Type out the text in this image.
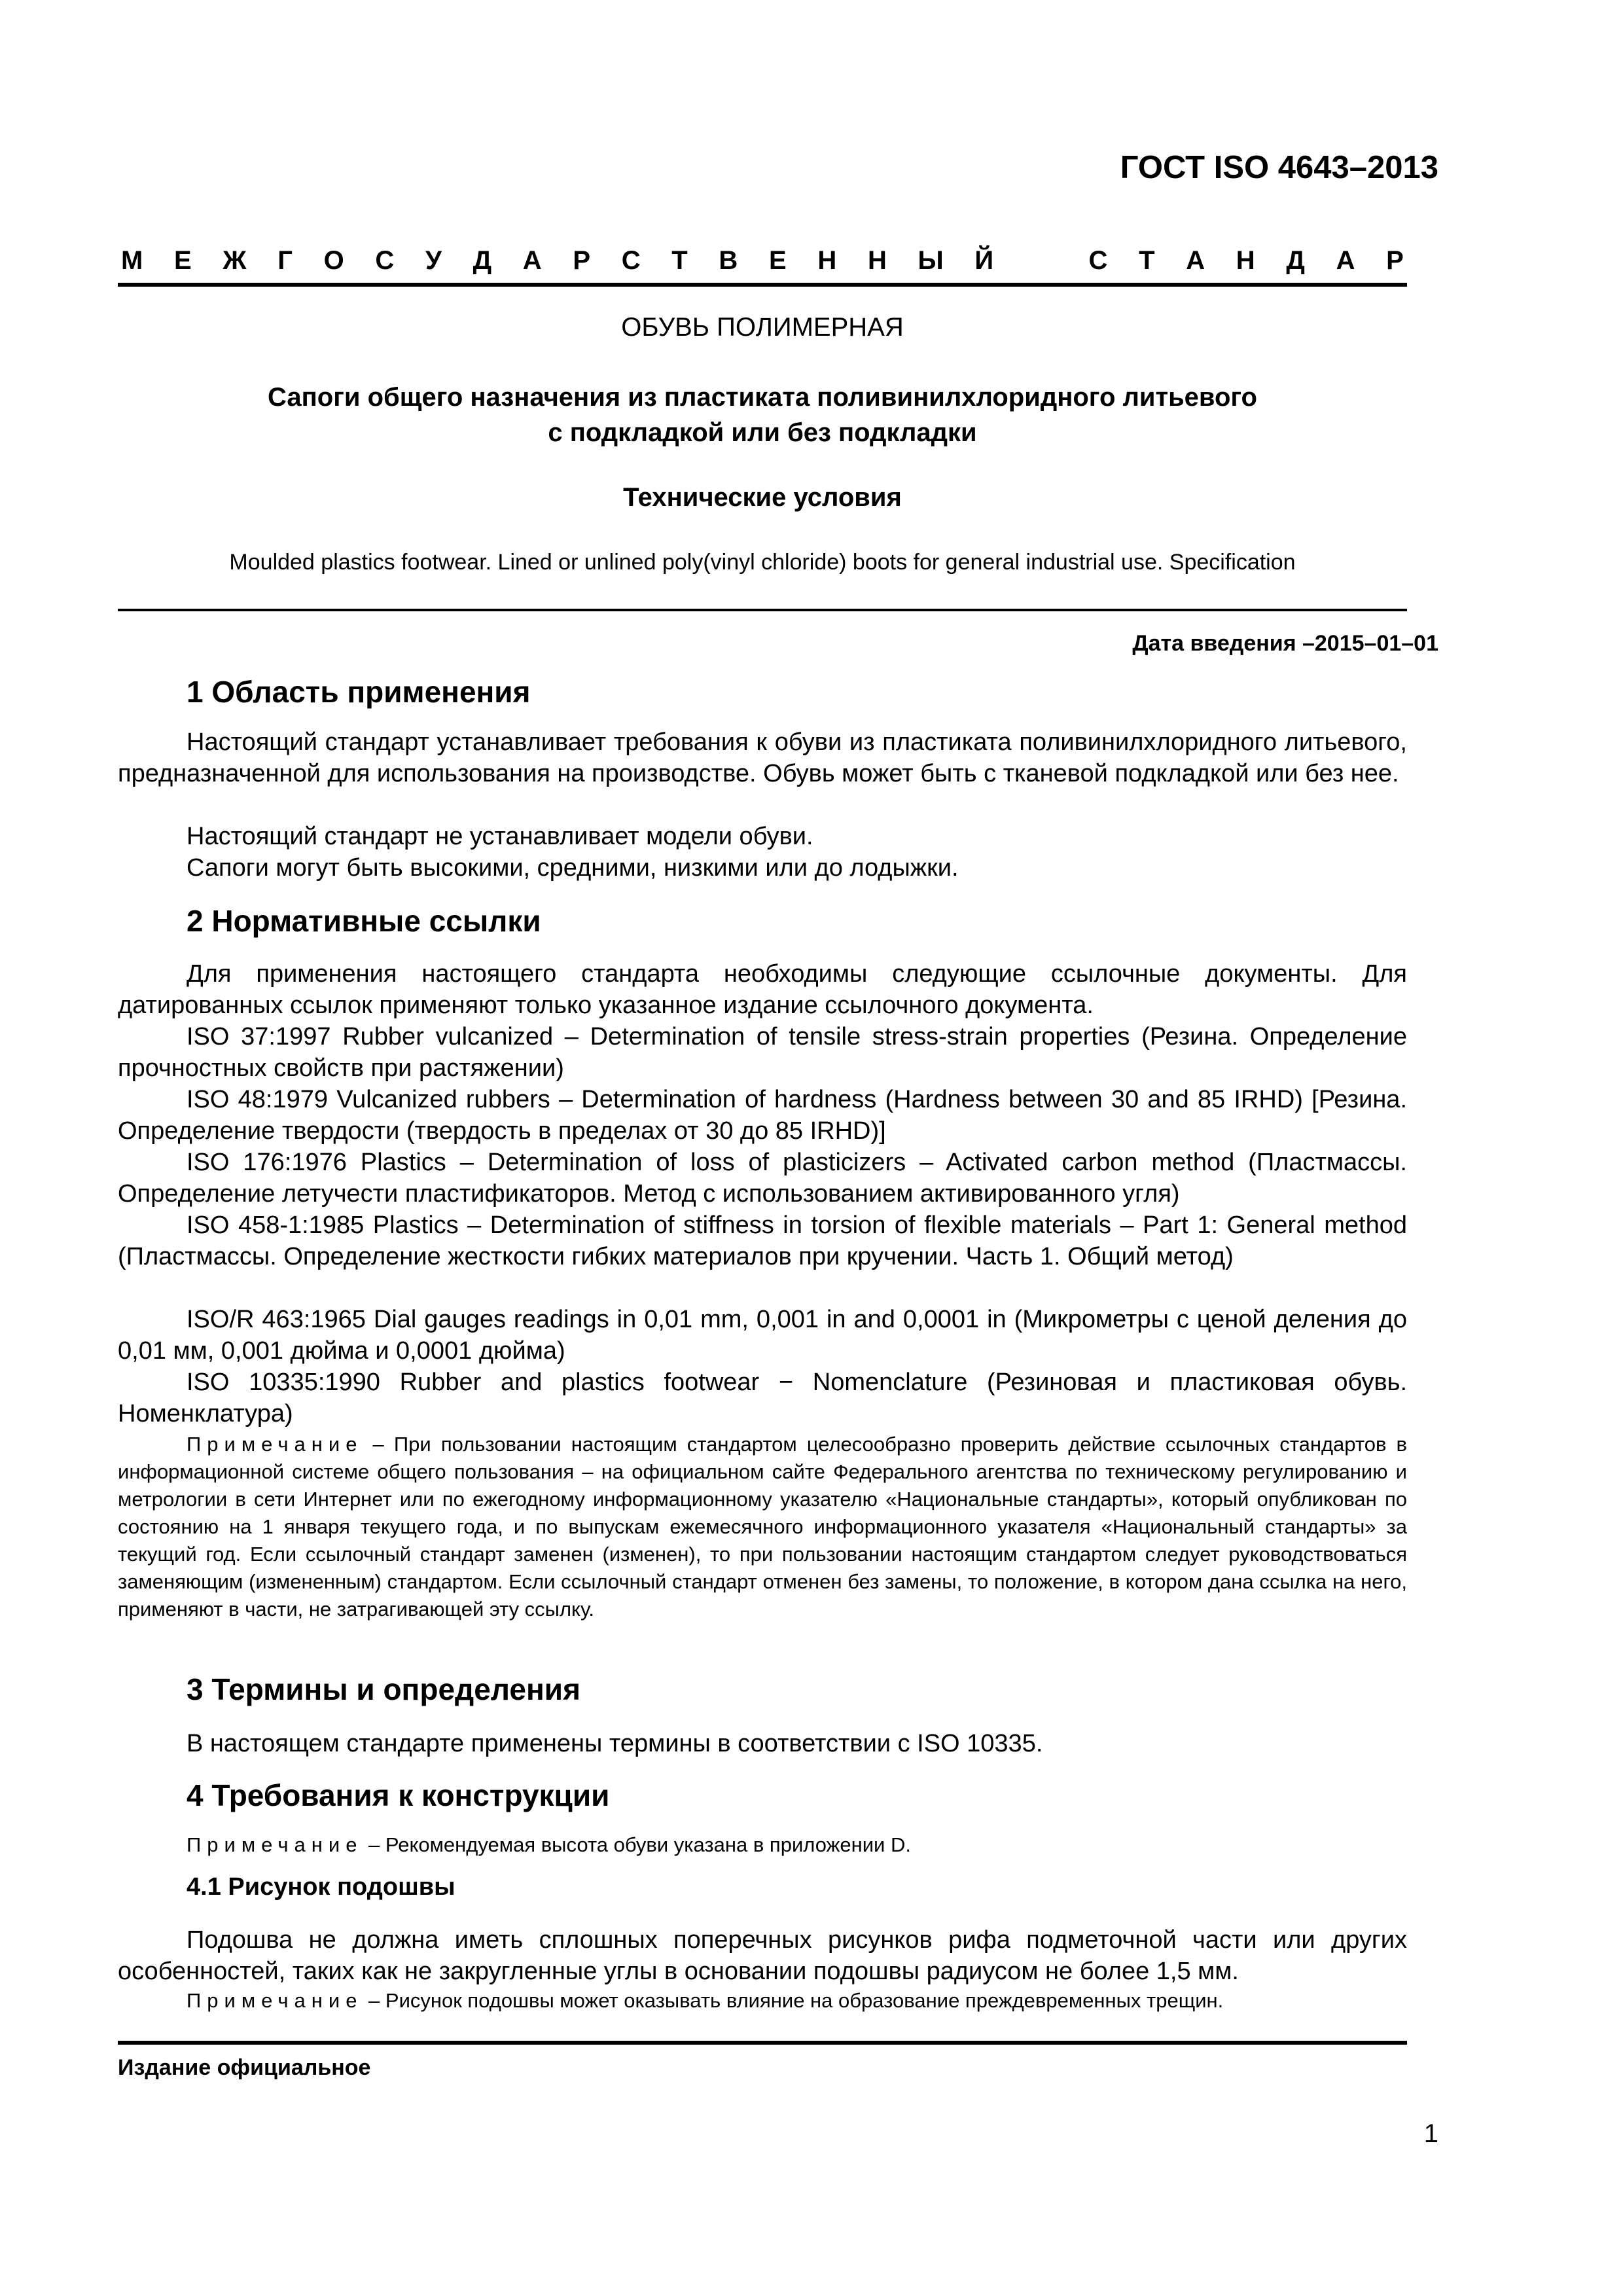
ГОСТ ISO 4643–2013
М Е Ж Г О С У Д А Р С Т В Е Н Н Ы Й	С Т А Н Д А Р
ОБУВЬ ПОЛИМЕРНАЯ
Сапоги общего назначения из пластиката поливинилхлоридного литьевого
с подкладкой или без подкладки
Технические условия
Moulded plastics footwear. Lined or unlined poly(vinyl chloride) boots for general industrial use. Specification
Дата введения –2015–01–01
1 Область применения
Настоящий стандарт устанавливает требования к обуви из пластиката поливинилхлоридного литьевого, предназначенной для использования на производстве. Обувь может быть с тканевой подкладкой или без нее.
Настоящий стандарт не устанавливает модели обуви.
Сапоги могут быть высокими, средними, низкими или до лодыжки.
2 Нормативные ссылки
Для применения настоящего стандарта необходимы следующие ссылочные документы. Для датированных ссылок применяют только указанное издание ссылочного документа.
ISO 37:1997 Rubber vulcanized – Determination of tensile stress-strain properties (Резина. Определение прочностных свойств при растяжении)
ISO 48:1979 Vulcanized rubbers – Determination of hardness (Hardness between 30 and 85 IRHD) [Резина. Определение твердости (твердость в пределах от 30 до 85 IRHD)]
ISO 176:1976 Plastics – Determination of loss of plasticizers – Activated carbon method (Пластмассы. Определение летучести пластификаторов. Метод с использованием активированного угля)
ISO 458-1:1985 Plastics – Determination of stiffness in torsion of flexible materials – Part 1: General method (Пластмассы. Определение жесткости гибких материалов при кручении. Часть 1. Общий метод)
ISO/R 463:1965 Dial gauges readings in 0,01 mm, 0,001 in and 0,0001 in (Микрометры с ценой деления до 0,01 мм, 0,001 дюйма и 0,0001 дюйма)
ISO 10335:1990 Rubber and plastics footwear − Nomenclature (Резиновая и пластиковая обувь. Номенклатура)
Примечание – При пользовании настоящим стандартом целесообразно проверить действие ссылочных стандартов в информационной системе общего пользования – на официальном сайте Федерального агентства по техническому регулированию и метрологии в сети Интернет или по ежегодному информационному указателю «Национальные стандарты», который опубликован по состоянию на 1 января текущего года, и по выпускам ежемесячного информационного указателя «Национальный стандарты» за текущий год. Если ссылочный стандарт заменен (изменен), то при пользовании настоящим стандартом следует руководствоваться заменяющим (измененным) стандартом. Если ссылочный стандарт отменен без замены, то положение, в котором дана ссылка на него, применяют в части, не затрагивающей эту ссылку.
3 Термины и определения
В настоящем стандарте применены термины в соответствии с ISO 10335.
4 Требования к конструкции
Примечание – Рекомендуемая высота обуви указана в приложении D.
4.1 Рисунок подошвы
Подошва не должна иметь сплошных поперечных рисунков рифа подметочной части или других особенностей, таких как не закругленные углы в основании подошвы радиусом не более 1,5 мм.
Примечание – Рисунок подошвы может оказывать влияние на образование преждевременных трещин.
Издание официальное
1
